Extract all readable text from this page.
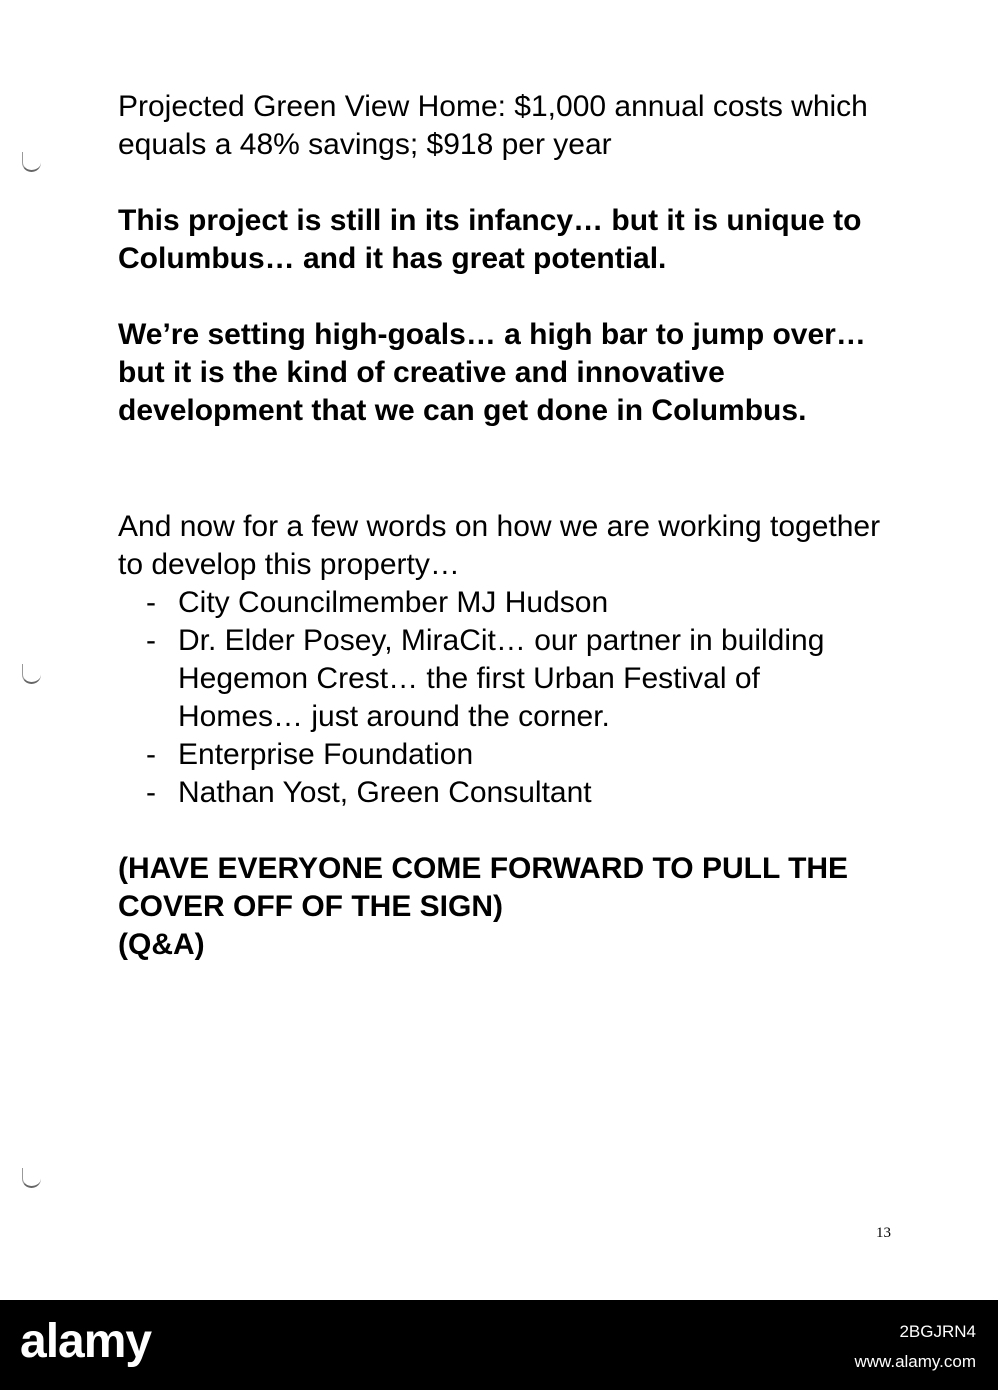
Projected Green View Home: $1,000 annual costs which equals a 48% savings; $918 per year

This project is still in its infancy… but it is unique to Columbus… and it has great potential.

We’re setting high-goals… a high bar to jump over… but it is the kind of creative and innovative development that we can get done in Columbus.

And now for a few words on how we are working together to develop this property…

- City Councilmember MJ Hudson
- Dr. Elder Posey, MiraCit… our partner in building Hegemon Crest… the first Urban Festival of Homes… just around the corner.
- Enterprise Foundation
- Nathan Yost, Green Consultant

(HAVE EVERYONE COME FORWARD TO PULL THE COVER OFF OF THE SIGN)

(Q&A)

13
alamy	2BGJRN4
www.alamy.com
